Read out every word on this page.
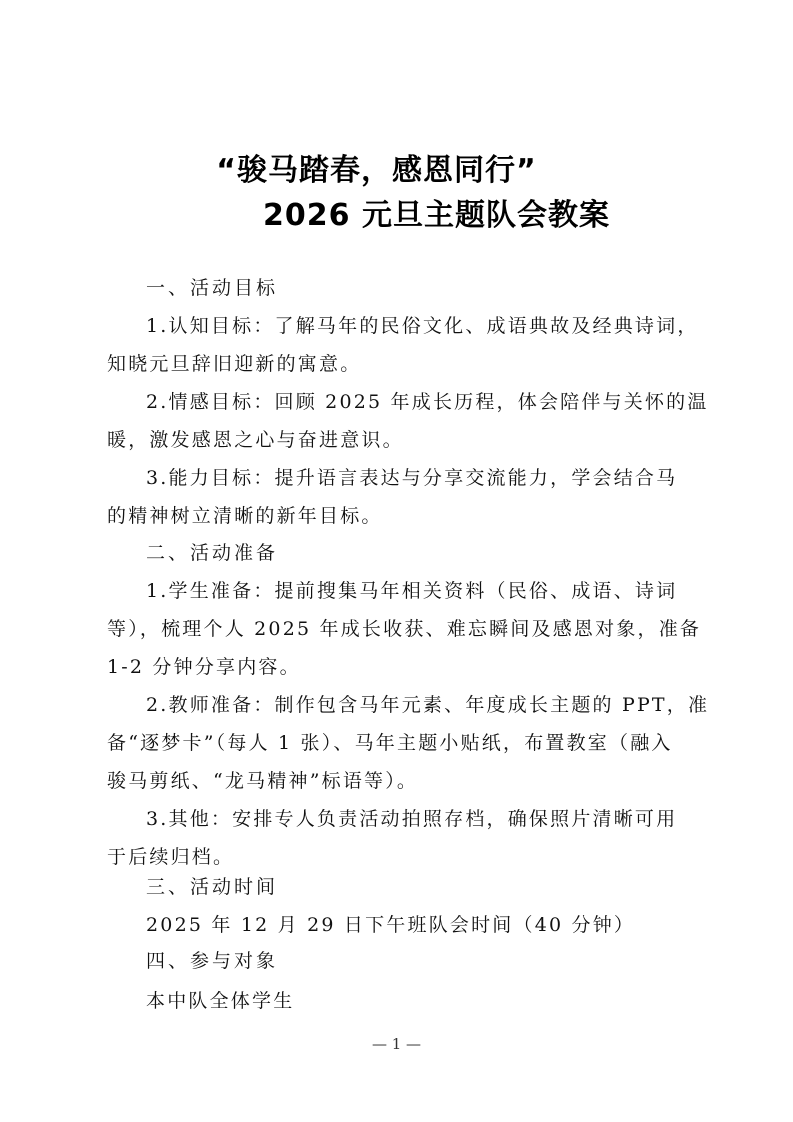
“骏马踏春，感恩同行”
2026 元旦主题队会教案
一、活动目标
1.认知目标：了解马年的民俗文化、成语典故及经典诗词，
知晓元旦辞旧迎新的寓意。
2.情感目标：回顾 2025 年成长历程，体会陪伴与关怀的温
暖，激发感恩之心与奋进意识。
3.能力目标：提升语言表达与分享交流能力，学会结合马
的精神树立清晰的新年目标。
二、活动准备
1.学生准备：提前搜集马年相关资料（民俗、成语、诗词
等），梳理个人 2025 年成长收获、难忘瞬间及感恩对象，准备
1-2 分钟分享内容。
2.教师准备：制作包含马年元素、年度成长主题的 PPT，准
备“逐梦卡”（每人 1 张）、马年主题小贴纸，布置教室（融入
骏马剪纸、“龙马精神”标语等）。
3.其他：安排专人负责活动拍照存档，确保照片清晰可用
于后续归档。
三、活动时间
2025 年 12 月 29 日下午班队会时间（40 分钟）
四、参与对象
本中队全体学生
— 1 —
